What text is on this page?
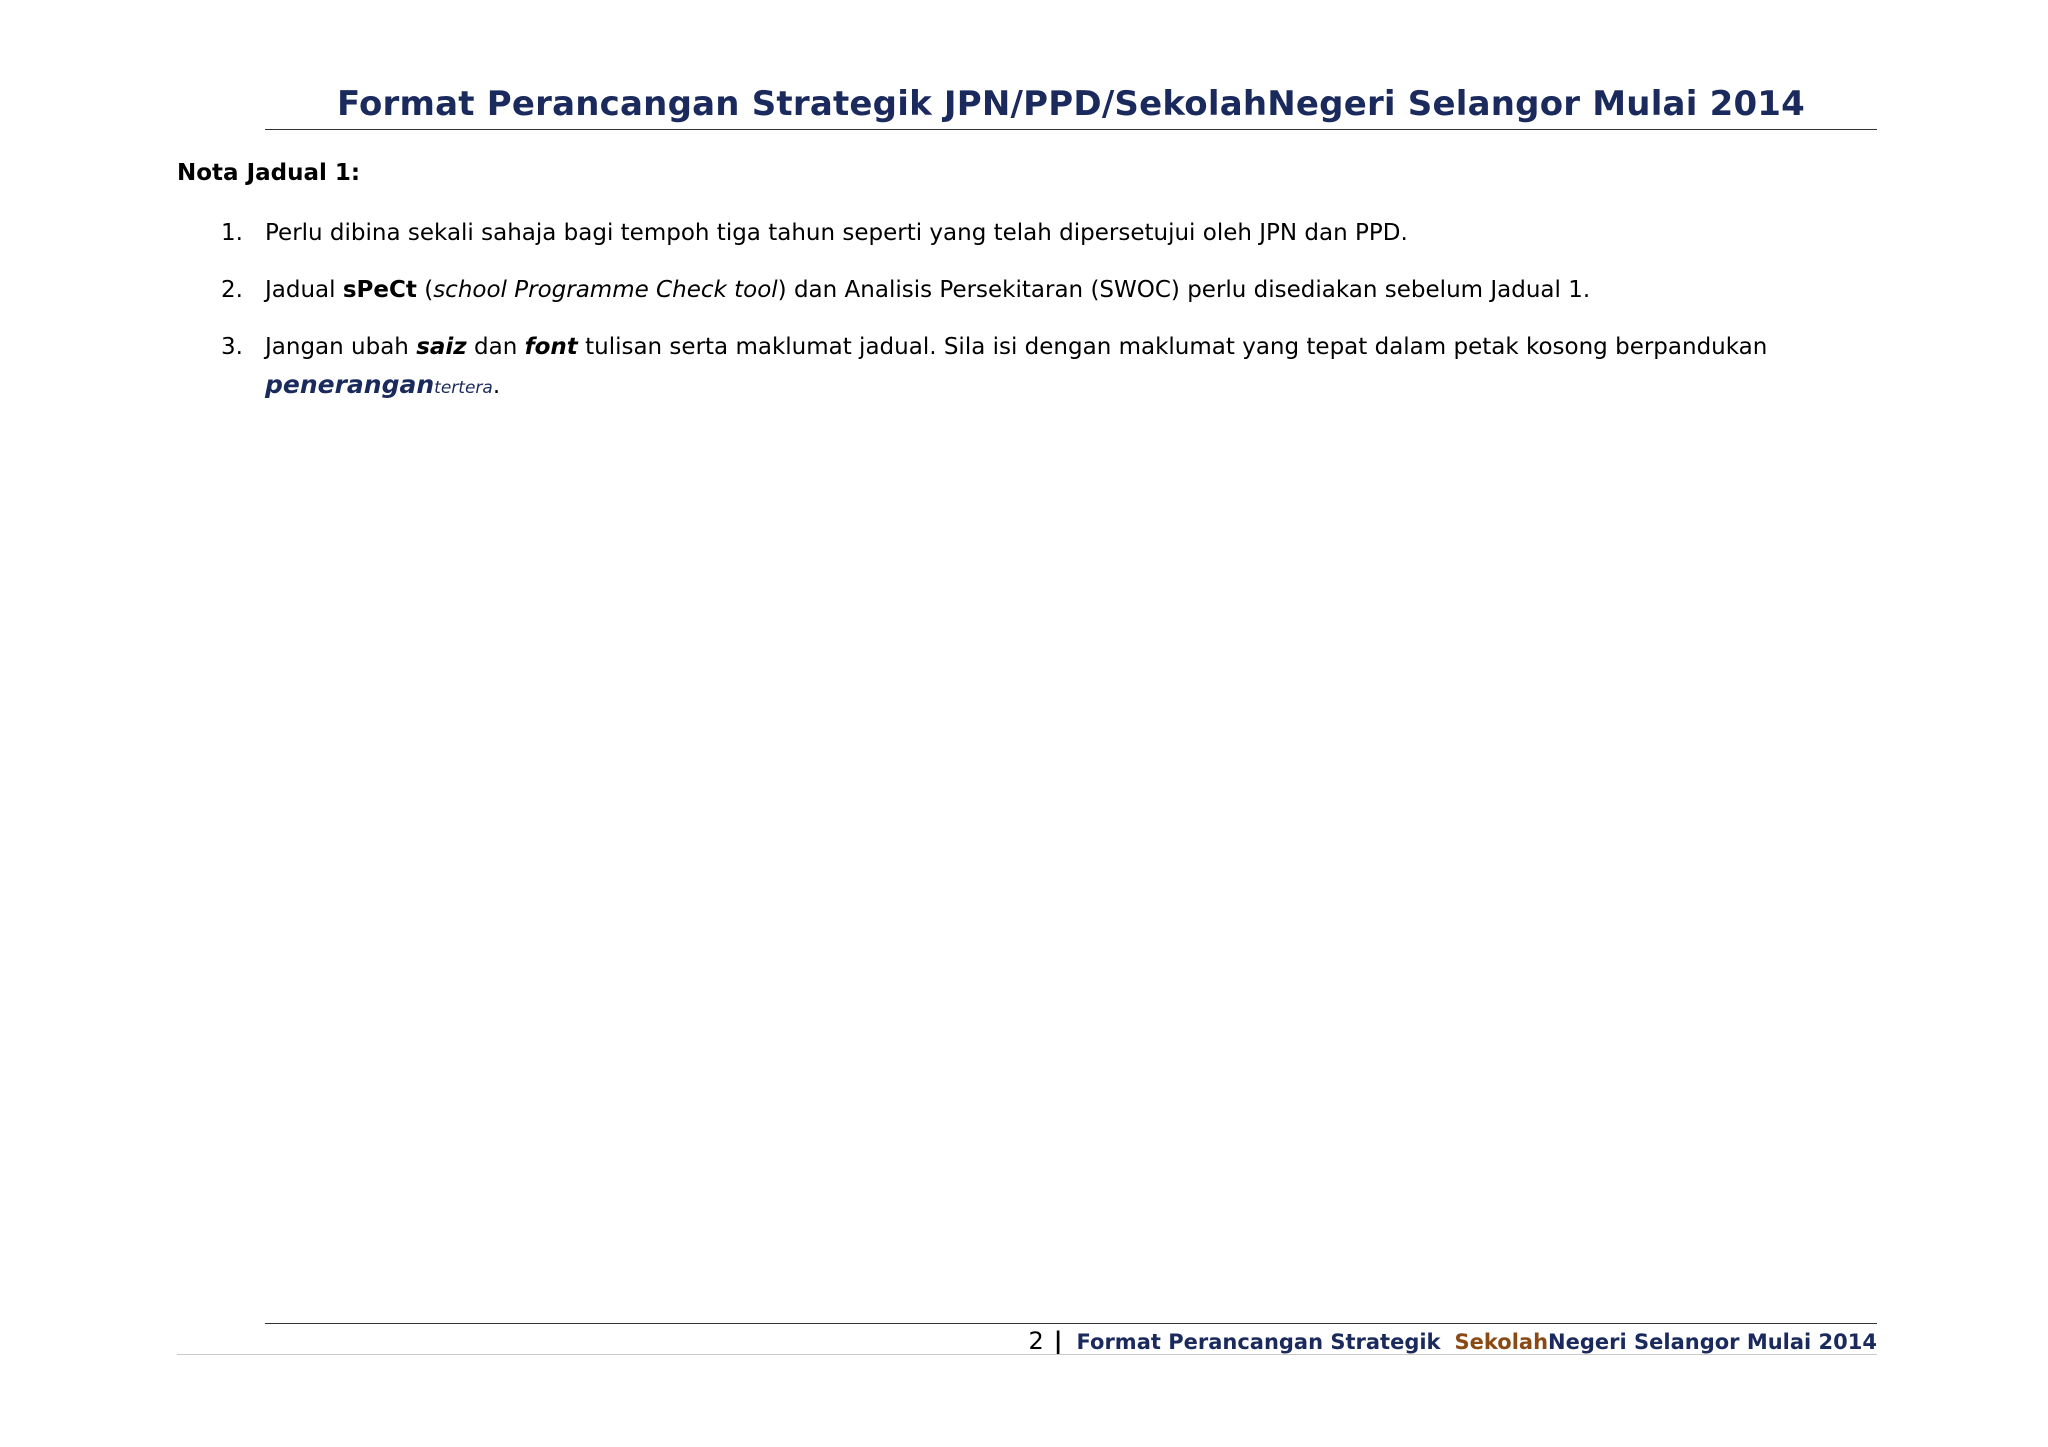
Format Perancangan Strategik JPN/PPD/SekolahNegeri Selangor Mulai 2014
Nota Jadual 1:
1. Perlu dibina sekali sahaja bagi tempoh tiga tahun seperti yang telah dipersetujui oleh JPN dan PPD.
2. Jadual sPeCt (school Programme Check tool) dan Analisis Persekitaran (SWOC) perlu disediakan sebelum Jadual 1.
3. Jangan ubah saiz dan font tulisan serta maklumat jadual. Sila isi dengan maklumat yang tepat dalam petak kosong berpandukan
penerangantertera.
2 | Format Perancangan Strategik Sekolah Negeri Selangor Mulai 2014
